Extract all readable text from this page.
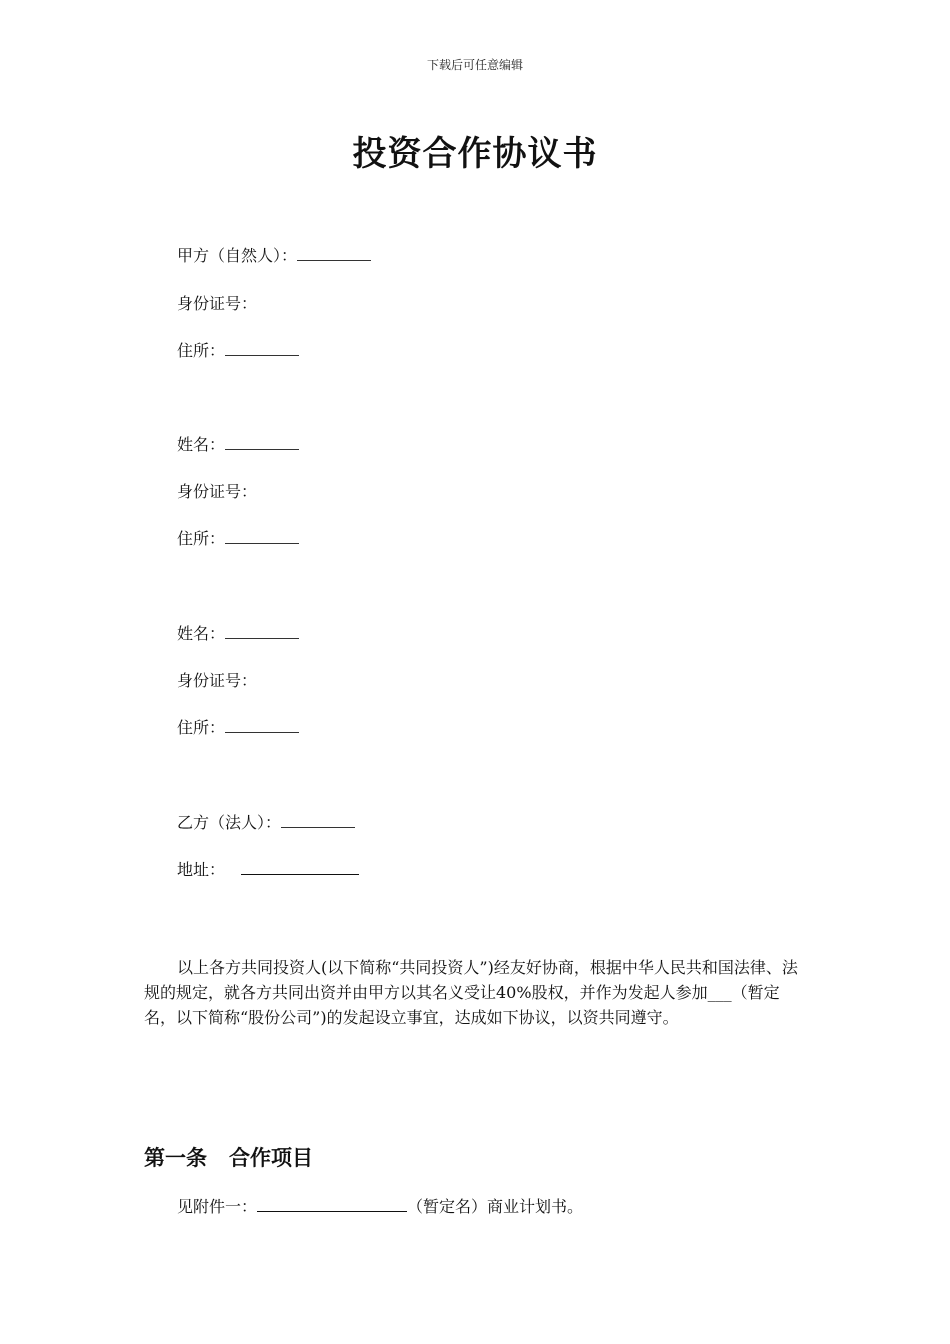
下载后可任意编辑
投资合作协议书
甲方（自然人）：
身份证号：
住所：
姓名：
身份证号：
住所：
姓名：
身份证号：
住所：
乙方（法人）：
地址：
以上各方共同投资人(以下简称“共同投资人”)经友好协商，根据中华人民共和国法律、法规的规定，就各方共同出资并由甲方以其名义受让40%股权，并作为发起人参加___（暂定名，以下简称“股份公司”)的发起设立事宜，达成如下协议，以资共同遵守。
第一条 合作项目
见附件一：	（暂定名）商业计划书。
